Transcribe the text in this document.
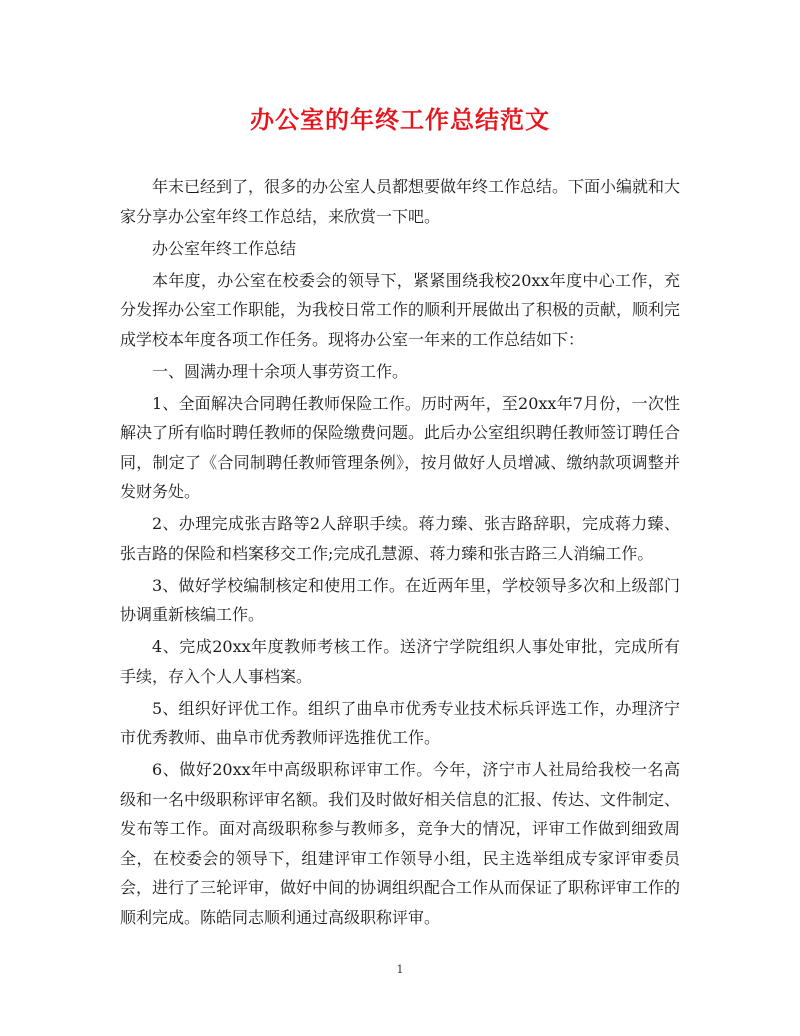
办公室的年终工作总结范文

年末已经到了，很多的办公室人员都想要做年终工作总结。下面小编就和大家分享办公室年终工作总结，来欣赏一下吧。

办公室年终工作总结

本年度，办公室在校委会的领导下，紧紧围绕我校20xx年度中心工作，充分发挥办公室工作职能，为我校日常工作的顺利开展做出了积极的贡献，顺利完成学校本年度各项工作任务。现将办公室一年来的工作总结如下：

一、圆满办理十余项人事劳资工作。

1、全面解决合同聘任教师保险工作。历时两年，至20xx年7月份，一次性解决了所有临时聘任教师的保险缴费问题。此后办公室组织聘任教师签订聘任合同，制定了《合同制聘任教师管理条例》，按月做好人员增减、缴纳款项调整并发财务处。

2、办理完成张吉路等2人辞职手续。蒋力臻、张吉路辞职，完成蒋力臻、张吉路的保险和档案移交工作;完成孔慧源、蒋力臻和张吉路三人消编工作。

3、做好学校编制核定和使用工作。在近两年里，学校领导多次和上级部门协调重新核编工作。

4、完成20xx年度教师考核工作。送济宁学院组织人事处审批，完成所有手续，存入个人人事档案。

5、组织好评优工作。组织了曲阜市优秀专业技术标兵评选工作，办理济宁市优秀教师、曲阜市优秀教师评选推优工作。

6、做好20xx年中高级职称评审工作。今年，济宁市人社局给我校一名高级和一名中级职称评审名额。我们及时做好相关信息的汇报、传达、文件制定、发布等工作。面对高级职称参与教师多，竞争大的情况，评审工作做到细致周全，在校委会的领导下，组建评审工作领导小组，民主选举组成专家评审委员会，进行了三轮评审，做好中间的协调组织配合工作从而保证了职称评审工作的顺利完成。陈皓同志顺利通过高级职称评审。

1
